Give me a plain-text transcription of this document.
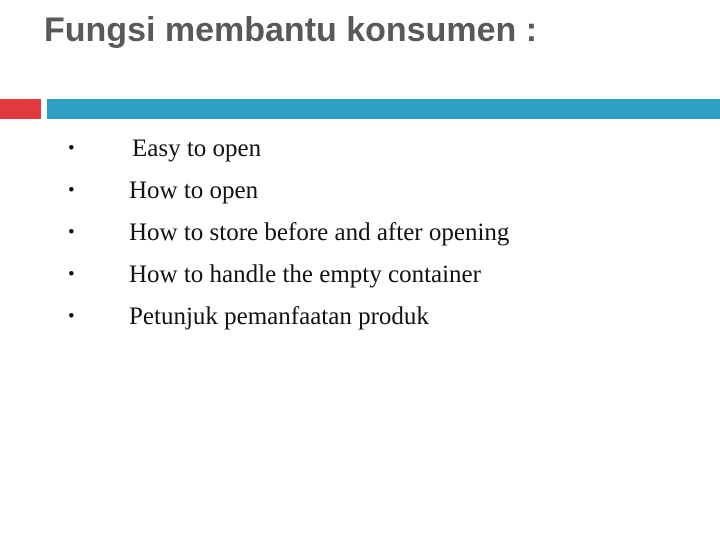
Fungsi membantu konsumen :
• Easy to open
• How to open
• How to store before and after opening
• How to handle the empty container
• Petunjuk pemanfaatan produk
